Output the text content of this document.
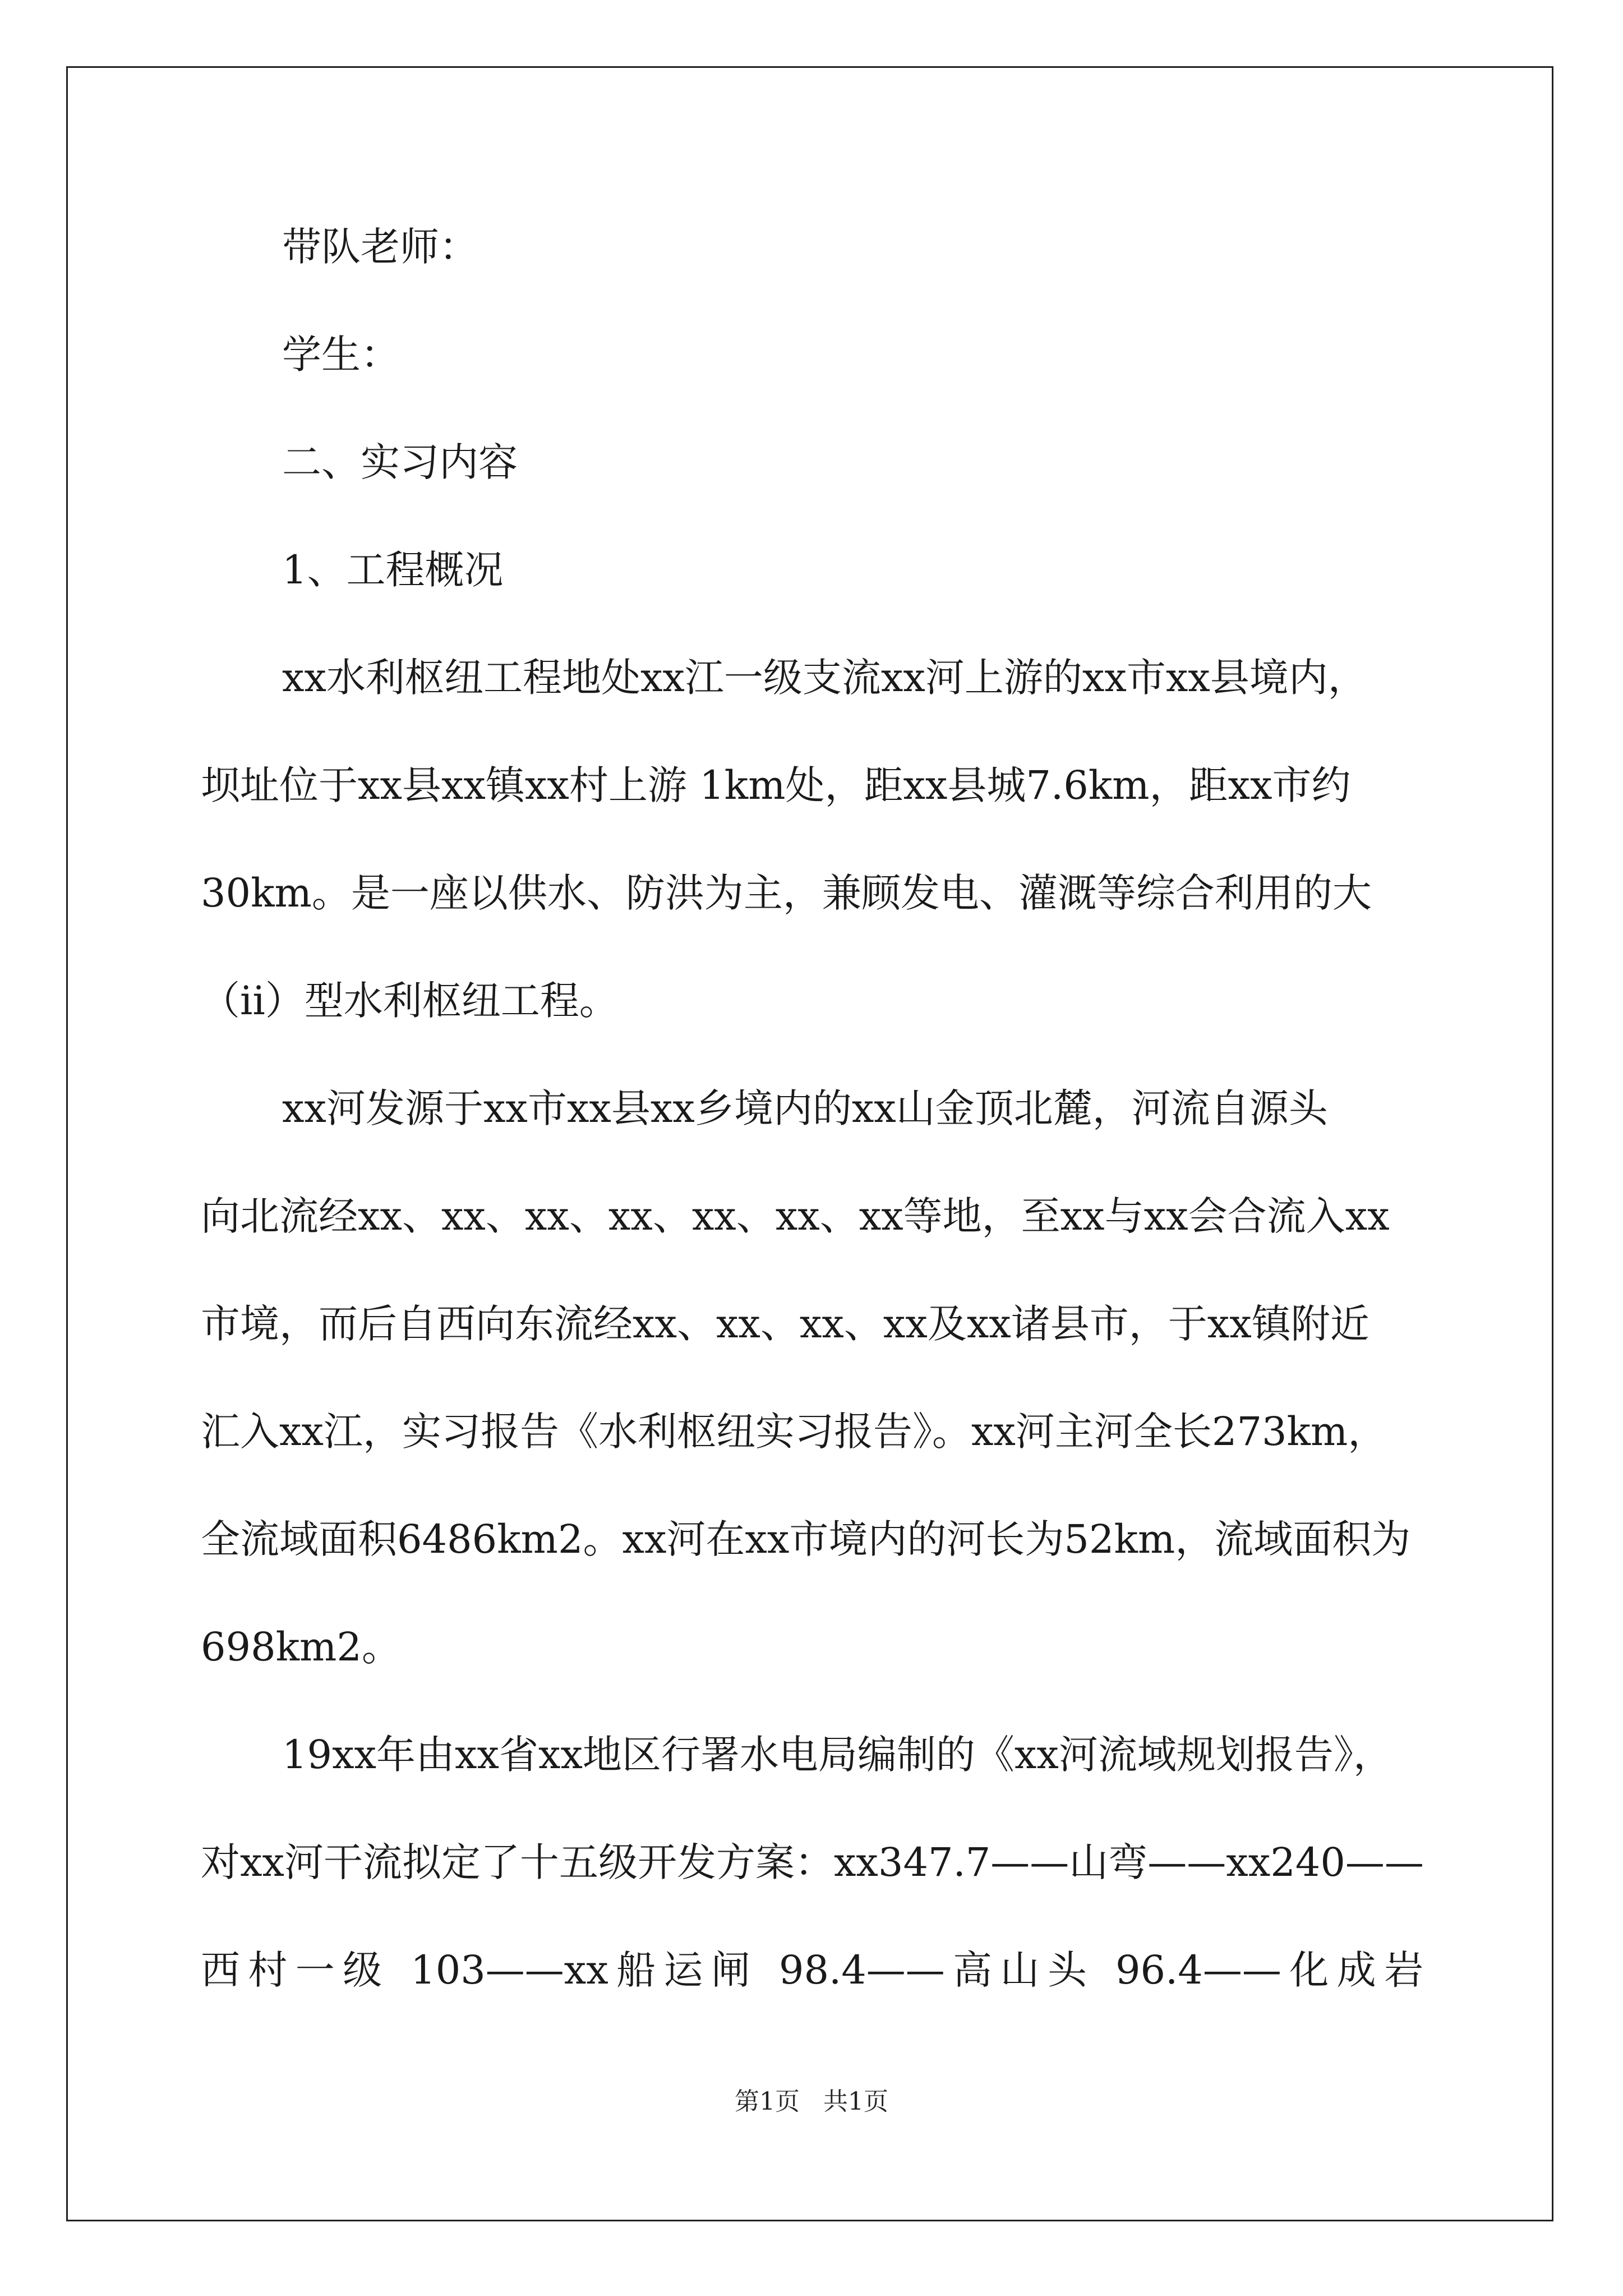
带队老师：
学生：
二、实习内容
1、工程概况
xx水利枢纽工程地处xx江一级支流xx河上游的xx市xx县境内，
坝址位于xx县xx镇xx村上游 1km处，距xx县城7.6km，距xx市约
30km。是一座以供水、防洪为主，兼顾发电、灌溉等综合利用的大
（ii）型水利枢纽工程。
xx河发源于xx市xx县xx乡境内的xx山金顶北麓，河流自源头
向北流经xx、xx、xx、xx、xx、xx、xx等地，至xx与xx会合流入xx
市境，而后自西向东流经xx、xx、xx、xx及xx诸县市，于xx镇附近
汇入xx江，实习报告《水利枢纽实习报告》。xx河主河全长273km，
全流域面积6486km2。xx河在xx市境内的河长为52km，流域面积为
698km2。
19xx年由xx省xx地区行署水电局编制的《xx河流域规划报告》，
对xx河干流拟定了十五级开发方案：xx347.7——山弯——xx240——
西村一级 103——xx船运闸 98.4——高山头 96.4——化成岩
第1页   共1页
